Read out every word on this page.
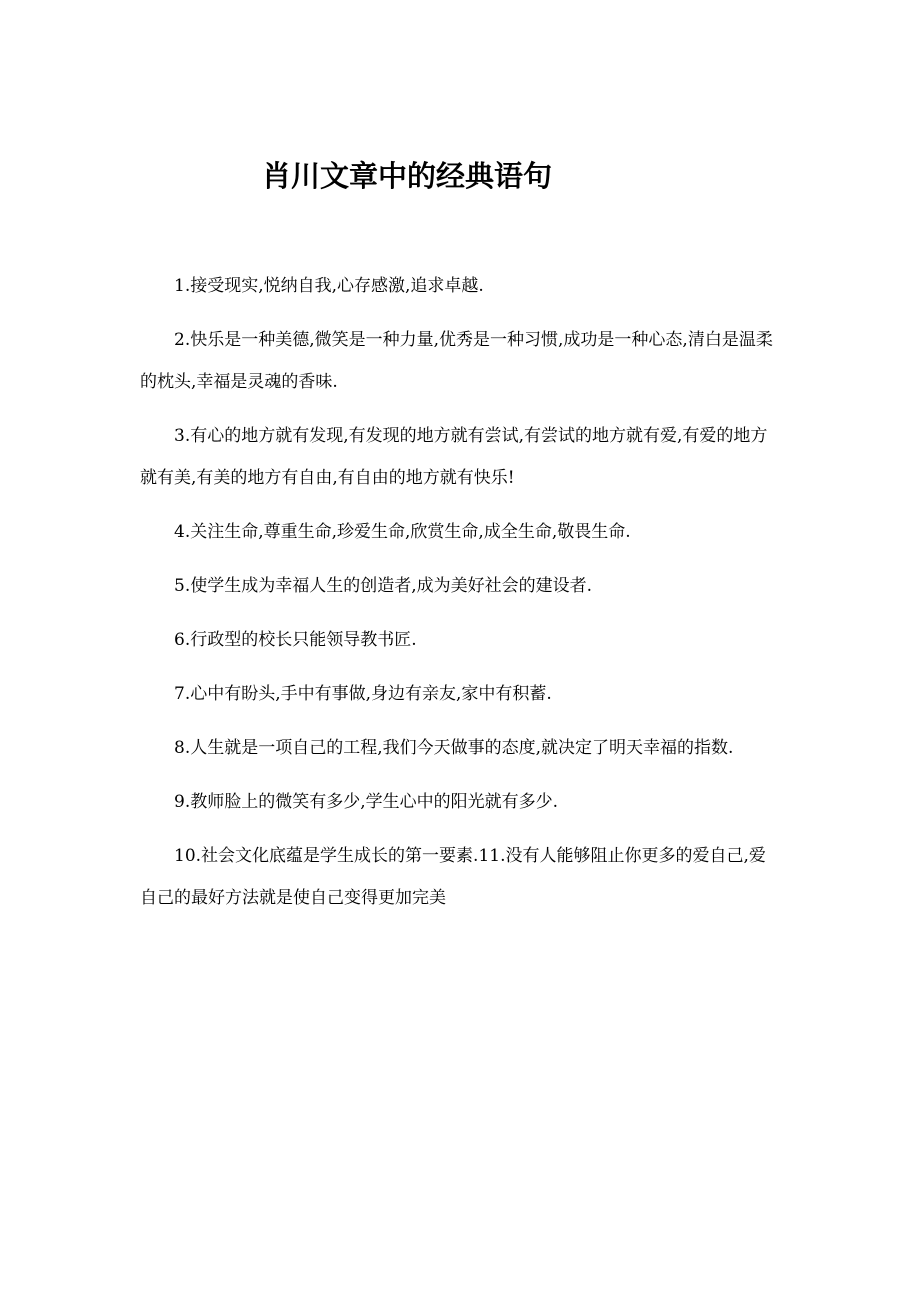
肖川文章中的经典语句

1.接受现实,悦纳自我,心存感激,追求卓越.

2.快乐是一种美德,微笑是一种力量,优秀是一种习惯,成功是一种心态,清白是温柔的枕头,幸福是灵魂的香味.

3.有心的地方就有发现,有发现的地方就有尝试,有尝试的地方就有爱,有爱的地方就有美,有美的地方有自由,有自由的地方就有快乐!

4.关注生命,尊重生命,珍爱生命,欣赏生命,成全生命,敬畏生命.

5.使学生成为幸福人生的创造者,成为美好社会的建设者.

6.行政型的校长只能领导教书匠.

7.心中有盼头,手中有事做,身边有亲友,家中有积蓄.

8.人生就是一项自己的工程,我们今天做事的态度,就决定了明天幸福的指数.

9.教师脸上的微笑有多少,学生心中的阳光就有多少.

10.社会文化底蕴是学生成长的第一要素.11.没有人能够阻止你更多的爱自己,爱自己的最好方法就是使自己变得更加完美
